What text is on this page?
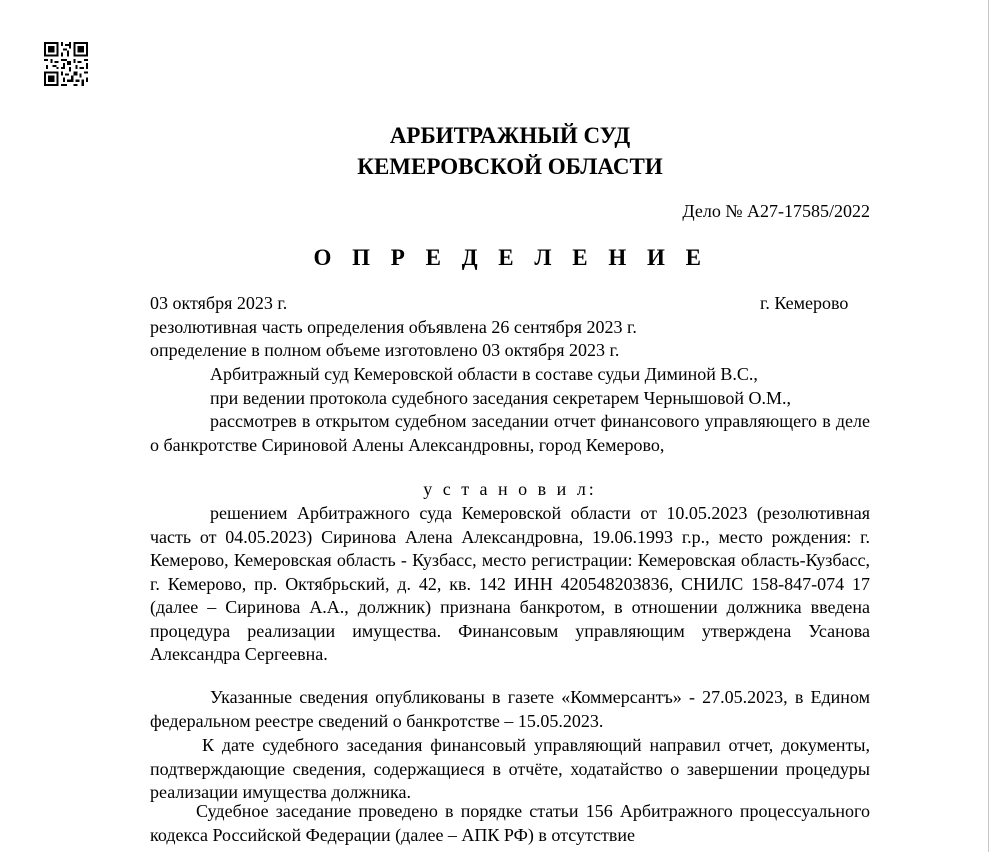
АРБИТРАЖНЫЙ СУД
КЕМЕРОВСКОЙ ОБЛАСТИ
Дело № А27-17585/2022
О П Р Е Д Е Л Е Н И Е
03 октября 2023 г.	г. Кемерово
резолютивная часть определения объявлена 26 сентября 2023 г.
определение в полном объеме изготовлено 03 октября 2023 г.
Арбитражный суд Кемеровской области в составе судьи Диминой В.С.,
при ведении протокола судебного заседания секретарем Чернышовой О.М.,
рассмотрев в открытом судебном заседании отчет финансового управляющего в деле о банкротстве Сириновой Алены Александровны, город Кемерово,
у с т а н о в и л:
решением Арбитражного суда Кемеровской области от 10.05.2023 (резолютивная часть от 04.05.2023) Сиринова Алена Александровна, 19.06.1993 г.р., место рождения: г. Кемерово, Кемеровская область - Кузбасс, место регистрации: Кемеровская область-Кузбасс, г. Кемерово, пр. Октябрьский, д. 42, кв. 142 ИНН 420548203836, СНИЛС 158-847-074 17 (далее – Сиринова А.А., должник) признана банкротом, в отношении должника введена процедура реализации имущества. Финансовым управляющим утверждена Усанова Александра Сергеевна.
Указанные сведения опубликованы в газете «Коммерсантъ» - 27.05.2023, в Едином федеральном реестре сведений о банкротстве – 15.05.2023.
К дате судебного заседания финансовый управляющий направил отчет, документы, подтверждающие сведения, содержащиеся в отчёте, ходатайство о завершении процедуры реализации имущества должника.
Судебное заседание проведено в порядке статьи 156 Арбитражного процессуального кодекса Российской Федерации (далее – АПК РФ) в отсутствие
